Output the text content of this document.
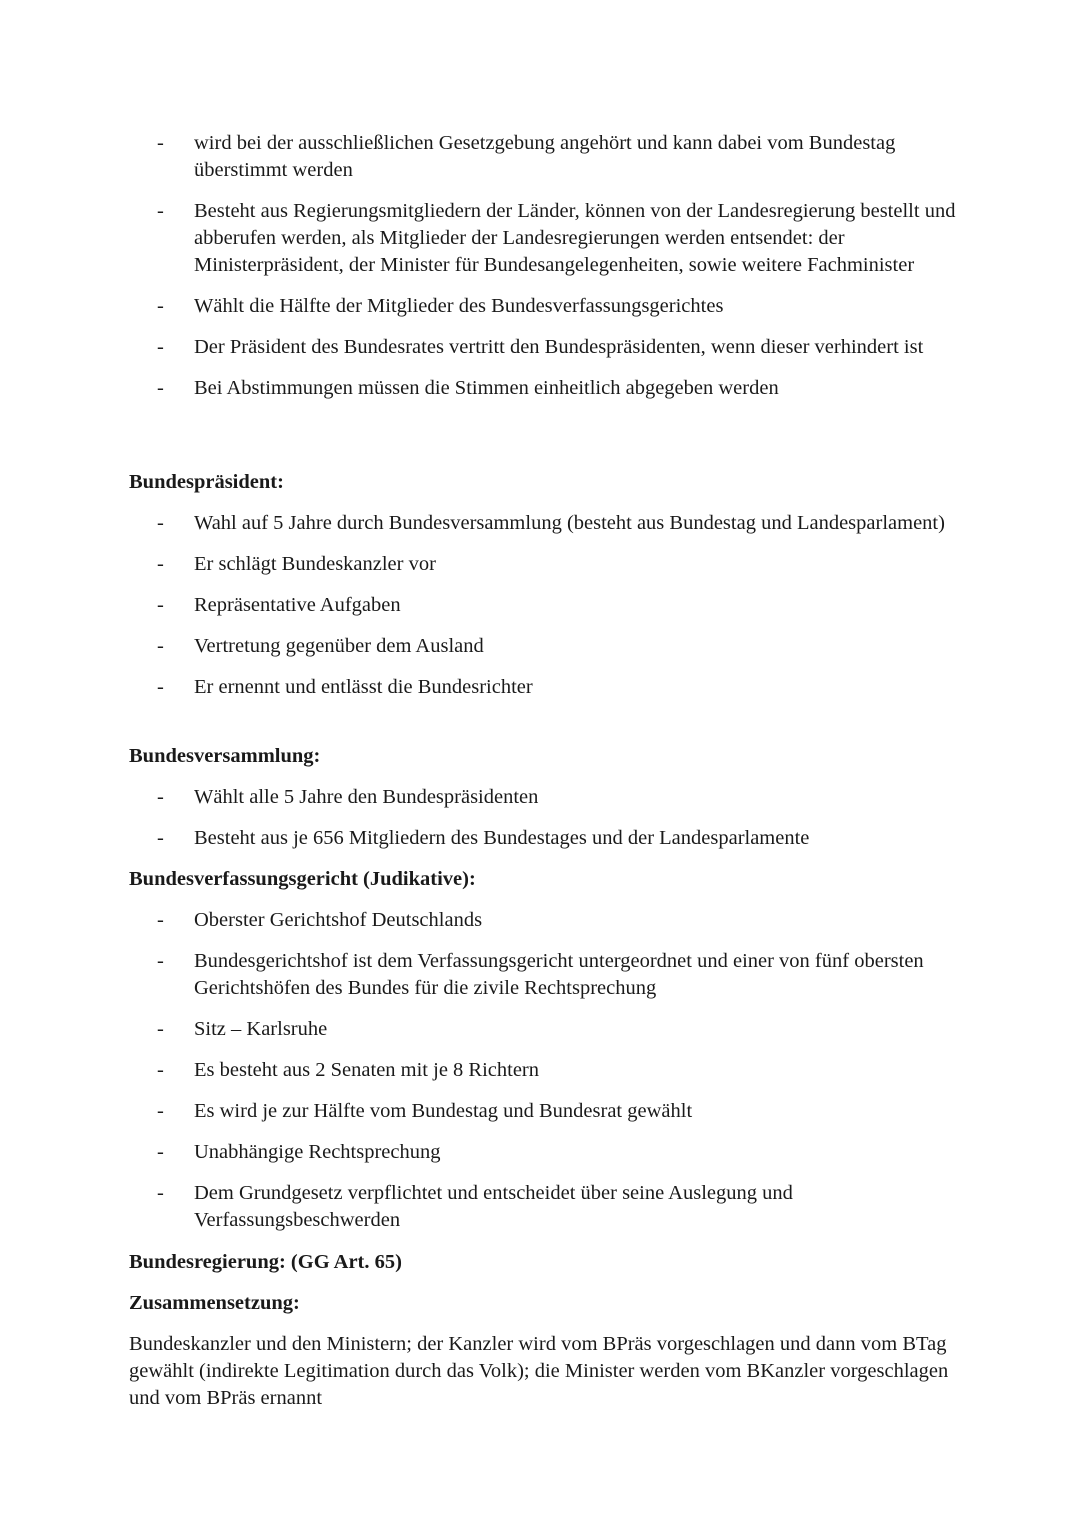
- wird bei der ausschließlichen Gesetzgebung angehört und kann dabei vom Bundestag überstimmt werden
- Besteht aus Regierungsmitgliedern der Länder, können von der Landesregierung bestellt und abberufen werden, als Mitglieder der Landesregierungen werden entsendet: der Ministerpräsident, der Minister für Bundesangelegenheiten, sowie weitere Fachminister
- Wählt die Hälfte der Mitglieder des Bundesverfassungsgerichtes
- Der Präsident des Bundesrates vertritt den Bundespräsidenten, wenn dieser verhindert ist
- Bei Abstimmungen müssen die Stimmen einheitlich abgegeben werden
Bundespräsident:
- Wahl auf 5 Jahre durch Bundesversammlung (besteht aus Bundestag und Landesparlament)
- Er schlägt Bundeskanzler vor
- Repräsentative Aufgaben
- Vertretung gegenüber dem Ausland
- Er ernennt und entlässt die Bundesrichter
Bundesversammlung:
- Wählt alle 5 Jahre den Bundespräsidenten
- Besteht aus je 656 Mitgliedern des Bundestages und der Landesparlamente
Bundesverfassungsgericht (Judikative):
- Oberster Gerichtshof Deutschlands
- Bundesgerichtshof ist dem Verfassungsgericht untergeordnet und einer von fünf obersten Gerichtshöfen des Bundes für die zivile Rechtsprechung
- Sitz – Karlsruhe
- Es besteht aus 2 Senaten mit je 8 Richtern
- Es wird je zur Hälfte vom Bundestag und Bundesrat gewählt
- Unabhängige Rechtsprechung
- Dem Grundgesetz verpflichtet und entscheidet über seine Auslegung und Verfassungsbeschwerden
Bundesregierung: (GG Art. 65)
Zusammensetzung:
Bundeskanzler und den Ministern; der Kanzler wird vom BPräs vorgeschlagen und dann vom BTag gewählt (indirekte Legitimation durch das Volk); die Minister werden vom BKanzler vorgeschlagen und vom BPräs ernannt
